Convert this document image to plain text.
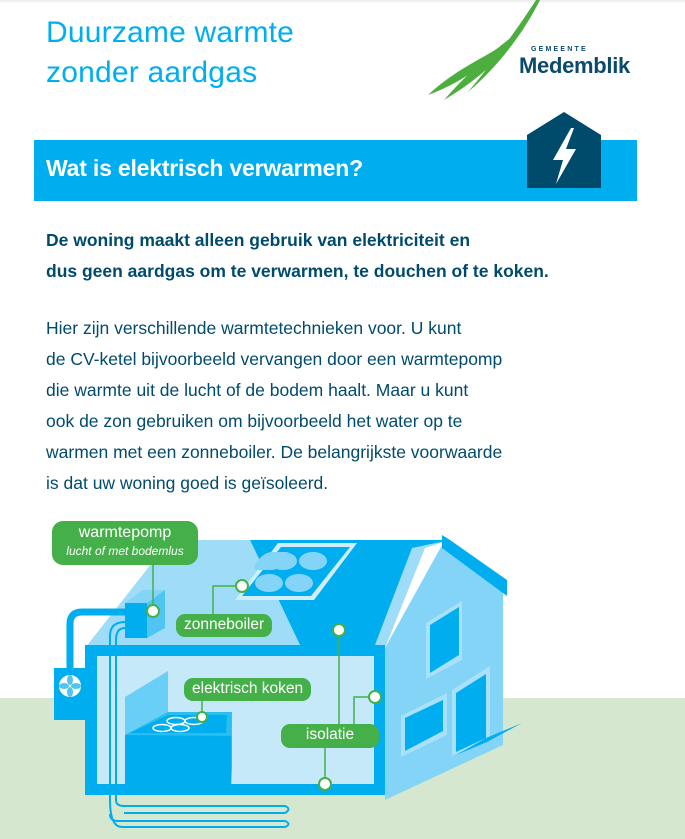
Duurzame warmte
zonder aardgas
GEMEENTE
Medemblik
Wat is elektrisch verwarmen?

De woning maakt alleen gebruik van elektriciteit en
dus geen aardgas om te verwarmen, te douchen of te koken.

Hier zijn verschillende warmtetechnieken voor. U kunt
de CV-ketel bijvoorbeeld vervangen door een warmtepomp
die warmte uit de lucht of de bodem haalt. Maar u kunt
ook de zon gebruiken om bijvoorbeeld het water op te
warmen met een zonneboiler. De belangrijkste voorwaarde
is dat uw woning goed is geïsoleerd.

warmtepomp
lucht of met bodemlus
zonneboiler
elektrisch koken
isolatie
